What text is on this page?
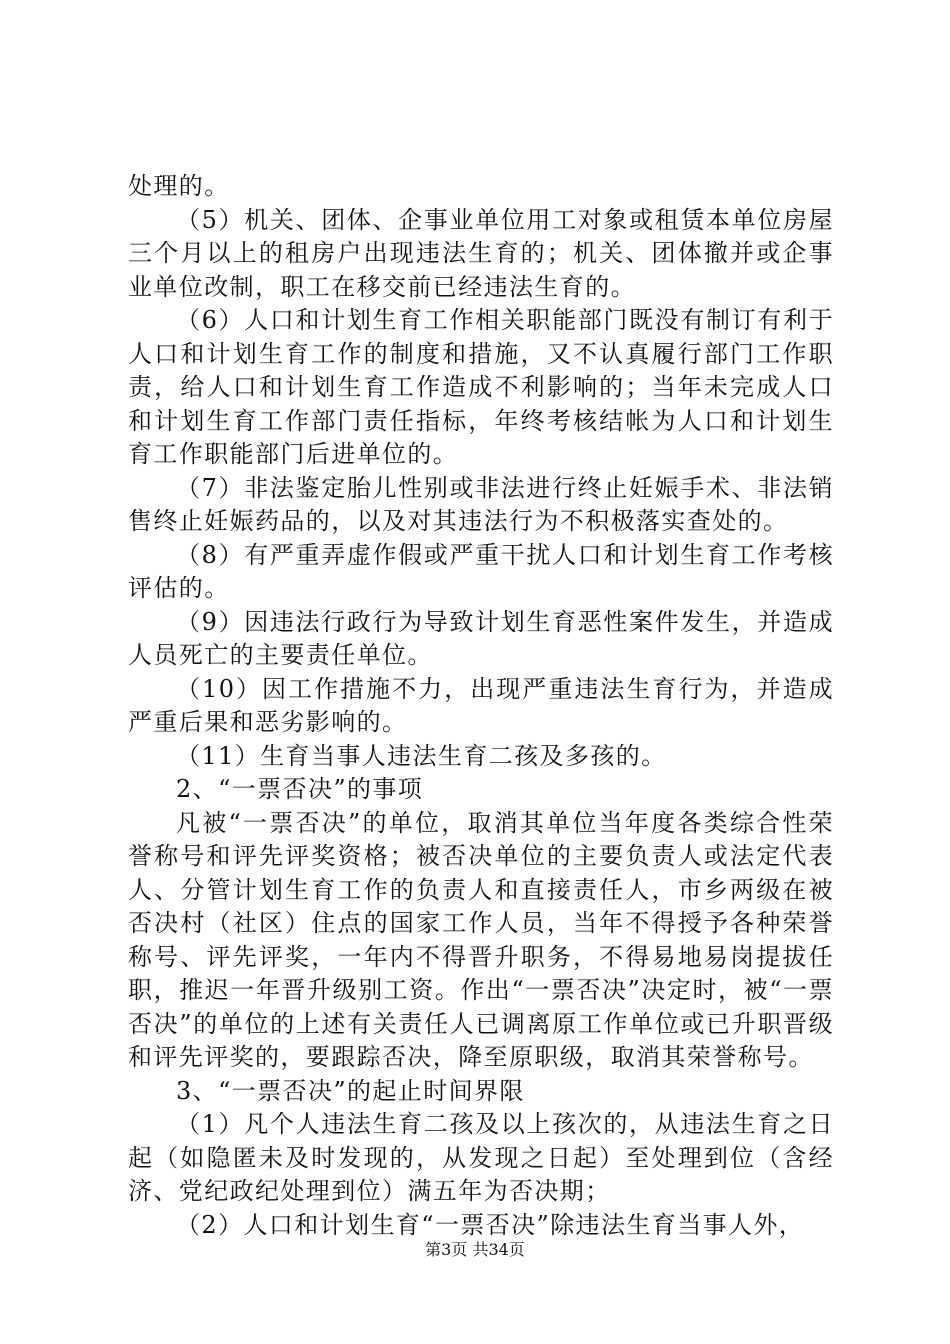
处理的。

（5）机关、团体、企事业单位用工对象或租赁本单位房屋三个月以上的租房户出现违法生育的；机关、团体撤并或企事业单位改制，职工在移交前已经违法生育的。

（6）人口和计划生育工作相关职能部门既没有制订有利于人口和计划生育工作的制度和措施，又不认真履行部门工作职责，给人口和计划生育工作造成不利影响的；当年未完成人口和计划生育工作部门责任指标，年终考核结帐为人口和计划生育工作职能部门后进单位的。

（7）非法鉴定胎儿性别或非法进行终止妊娠手术、非法销售终止妊娠药品的，以及对其违法行为不积极落实查处的。

（8）有严重弄虚作假或严重干扰人口和计划生育工作考核评估的。

（9）因违法行政行为导致计划生育恶性案件发生，并造成人员死亡的主要责任单位。

（10）因工作措施不力，出现严重违法生育行为，并造成严重后果和恶劣影响的。

（11）生育当事人违法生育二孩及多孩的。

2、“一票否决”的事项

凡被“一票否决”的单位，取消其单位当年度各类综合性荣誉称号和评先评奖资格；被否决单位的主要负责人或法定代表人、分管计划生育工作的负责人和直接责任人，市乡两级在被否决村（社区）住点的国家工作人员，当年不得授予各种荣誉称号、评先评奖，一年内不得晋升职务，不得易地易岗提拔任职，推迟一年晋升级别工资。作出“一票否决”决定时，被“一票否决”的单位的上述有关责任人已调离原工作单位或已升职晋级和评先评奖的，要跟踪否决，降至原职级，取消其荣誉称号。

3、“一票否决”的起止时间界限

（1）凡个人违法生育二孩及以上孩次的，从违法生育之日起（如隐匿未及时发现的，从发现之日起）至处理到位（含经济、党纪政纪处理到位）满五年为否决期；

（2）人口和计划生育“一票否决”除违法生育当事人外，

第3页 共34页
